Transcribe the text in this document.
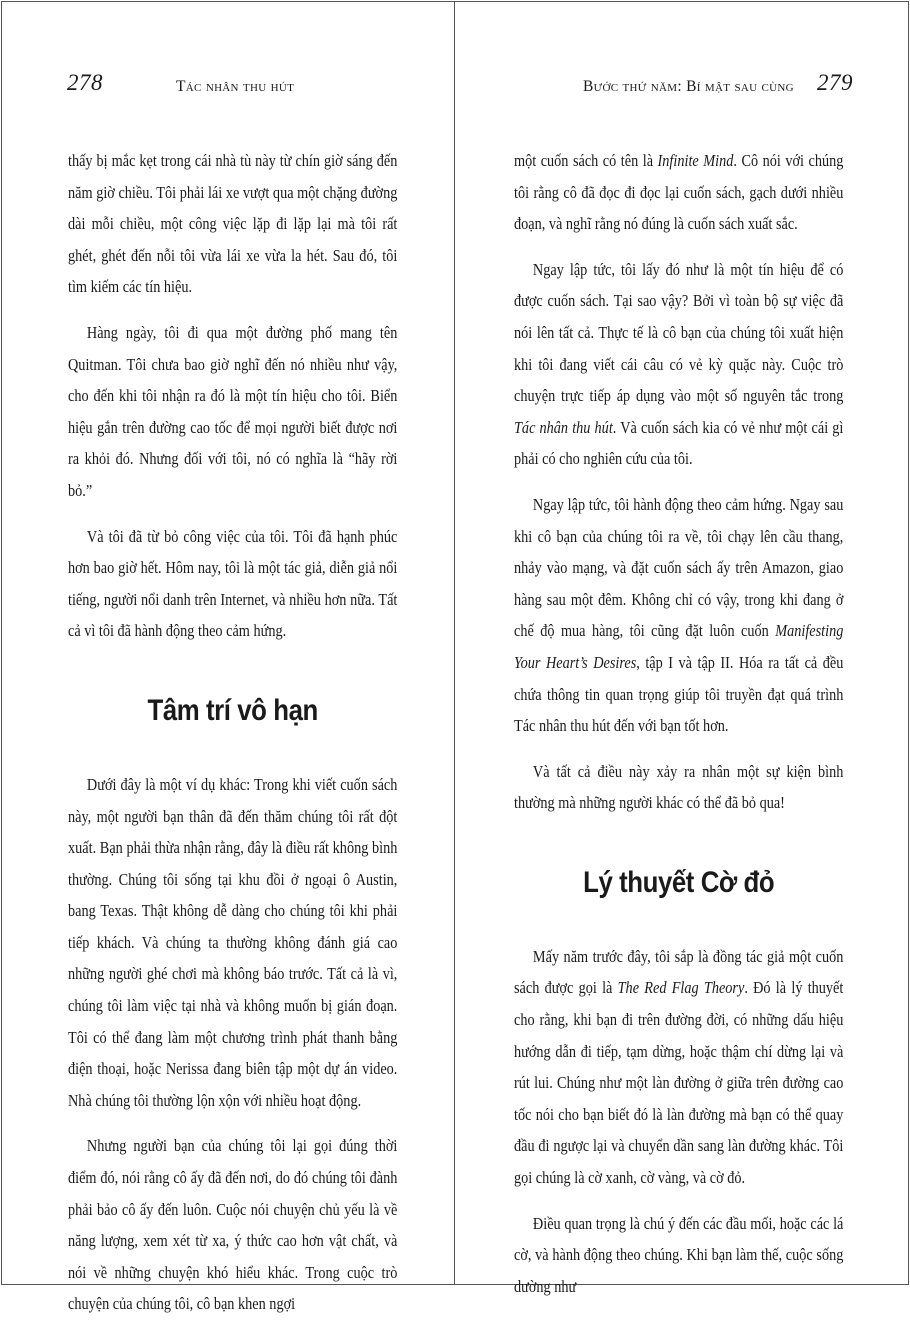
278	Tác nhân thu hút

thấy bị mắc kẹt trong cái nhà tù này từ chín giờ sáng đến năm giờ chiều. Tôi phải lái xe vượt qua một chặng đường dài mỗi chiều, một công việc lặp đi lặp lại mà tôi rất ghét, ghét đến nỗi tôi vừa lái xe vừa la hét. Sau đó, tôi tìm kiếm các tín hiệu.

Hàng ngày, tôi đi qua một đường phố mang tên Quitman. Tôi chưa bao giờ nghĩ đến nó nhiều như vậy, cho đến khi tôi nhận ra đó là một tín hiệu cho tôi. Biển hiệu gắn trên đường cao tốc để mọi người biết được nơi ra khỏi đó. Nhưng đối với tôi, nó có nghĩa là “hãy rời bỏ.”

Và tôi đã từ bỏ công việc của tôi. Tôi đã hạnh phúc hơn bao giờ hết. Hôm nay, tôi là một tác giả, diễn giả nổi tiếng, người nổi danh trên Internet, và nhiều hơn nữa. Tất cả vì tôi đã hành động theo cảm hứng.

Tâm trí vô hạn

Dưới đây là một ví dụ khác: Trong khi viết cuốn sách này, một người bạn thân đã đến thăm chúng tôi rất đột xuất. Bạn phải thừa nhận rằng, đây là điều rất không bình thường. Chúng tôi sống tại khu đồi ở ngoại ô Austin, bang Texas. Thật không dễ dàng cho chúng tôi khi phải tiếp khách. Và chúng ta thường không đánh giá cao những người ghé chơi mà không báo trước. Tất cả là vì, chúng tôi làm việc tại nhà và không muốn bị gián đoạn. Tôi có thể đang làm một chương trình phát thanh bằng điện thoại, hoặc Nerissa đang biên tập một dự án video. Nhà chúng tôi thường lộn xộn với nhiều hoạt động.

Nhưng người bạn của chúng tôi lại gọi đúng thời điểm đó, nói rằng cô ấy đã đến nơi, do đó chúng tôi đành phải bảo cô ấy đến luôn. Cuộc nói chuyện chủ yếu là về năng lượng, xem xét từ xa, ý thức cao hơn vật chất, và nói về những chuyện khó hiểu khác. Trong cuộc trò chuyện của chúng tôi, cô bạn khen ngợi

Bước thứ năm: Bí mật sau cùng 279

một cuốn sách có tên là Infinite Mind. Cô nói với chúng tôi rằng cô đã đọc đi đọc lại cuốn sách, gạch dưới nhiều đoạn, và nghĩ rằng nó đúng là cuốn sách xuất sắc.

Ngay lập tức, tôi lấy đó như là một tín hiệu để có được cuốn sách. Tại sao vậy? Bởi vì toàn bộ sự việc đã nói lên tất cả. Thực tế là cô bạn của chúng tôi xuất hiện khi tôi đang viết cái câu có vẻ kỳ quặc này. Cuộc trò chuyện trực tiếp áp dụng vào một số nguyên tắc trong Tác nhân thu hút. Và cuốn sách kia có vẻ như một cái gì phải có cho nghiên cứu của tôi.

Ngay lập tức, tôi hành động theo cảm hứng. Ngay sau khi cô bạn của chúng tôi ra về, tôi chạy lên cầu thang, nhảy vào mạng, và đặt cuốn sách ấy trên Amazon, giao hàng sau một đêm. Không chỉ có vậy, trong khi đang ở chế độ mua hàng, tôi cũng đặt luôn cuốn Manifesting Your Heart’s Desires, tập I và tập II. Hóa ra tất cả đều chứa thông tin quan trọng giúp tôi truyền đạt quá trình Tác nhân thu hút đến với bạn tốt hơn.

Và tất cả điều này xảy ra nhân một sự kiện bình thường mà những người khác có thể đã bỏ qua!

Lý thuyết Cờ đỏ

Mấy năm trước đây, tôi sắp là đồng tác giả một cuốn sách được gọi là The Red Flag Theory. Đó là lý thuyết cho rằng, khi bạn đi trên đường đời, có những dấu hiệu hướng dẫn đi tiếp, tạm dừng, hoặc thậm chí dừng lại và rút lui. Chúng như một làn đường ở giữa trên đường cao tốc nói cho bạn biết đó là làn đường mà bạn có thể quay đầu đi ngược lại và chuyển dần sang làn đường khác. Tôi gọi chúng là cờ xanh, cờ vàng, và cờ đỏ.

Điều quan trọng là chú ý đến các đầu mối, hoặc các lá cờ, và hành động theo chúng. Khi bạn làm thế, cuộc sống dường như
